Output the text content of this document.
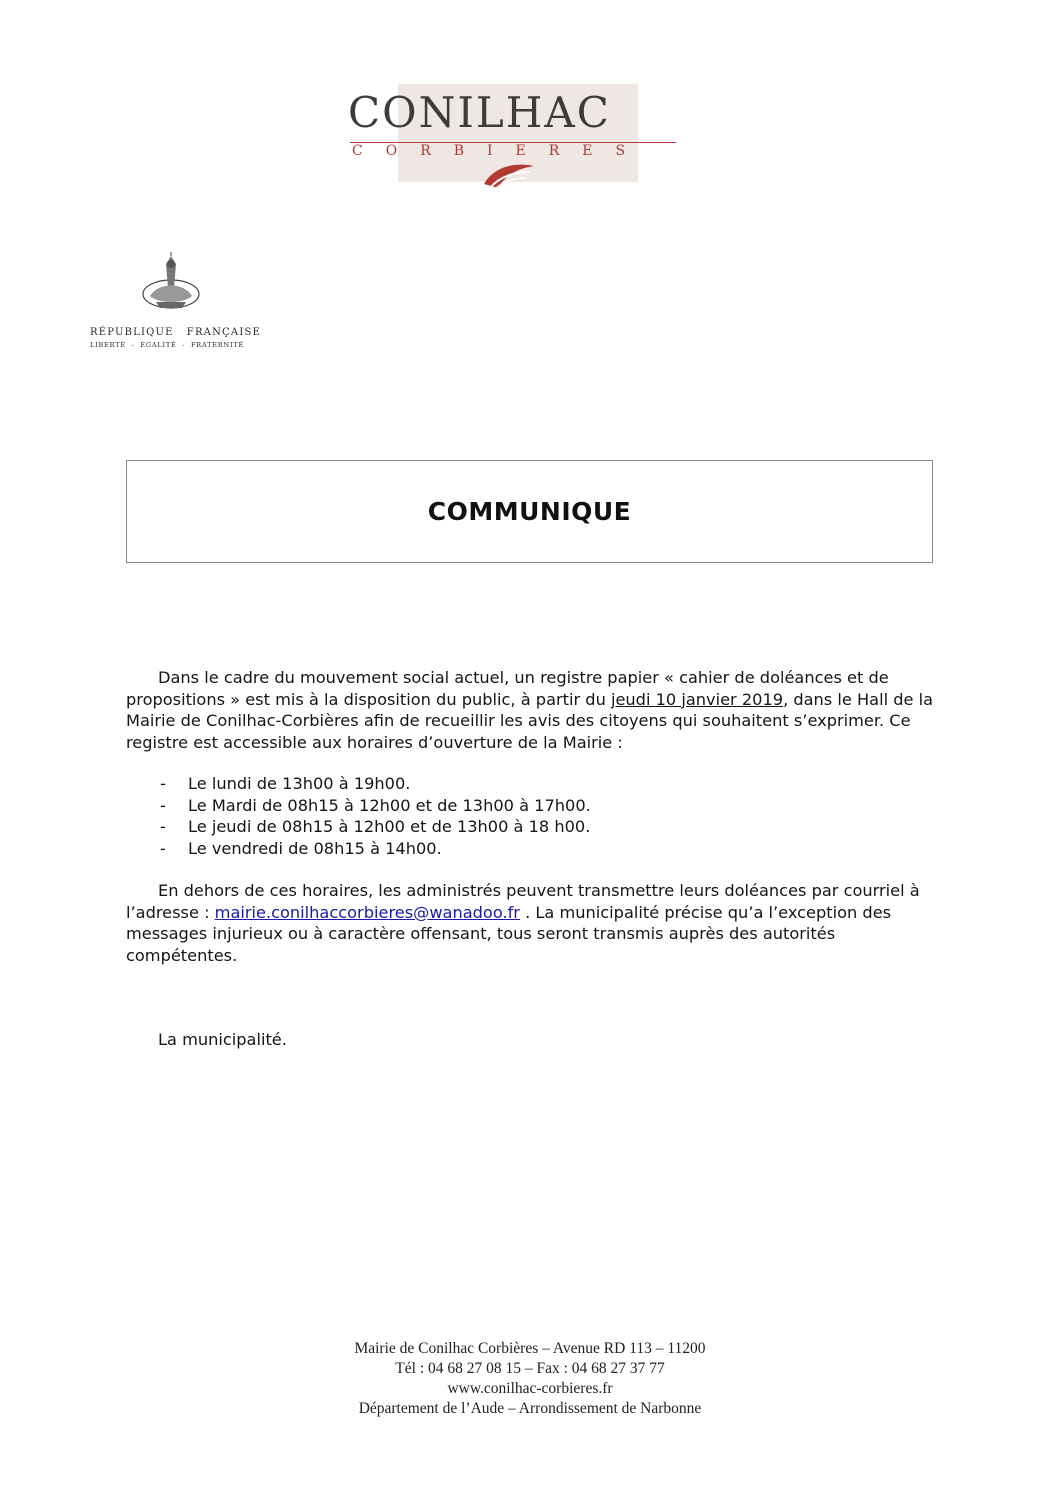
CONILHAC
CORBIERES
RÉPUBLIQUE   FRANÇAISE
LIBERTÉ  -  ÉGALITÉ  -  FRATERNITÉ
COMMUNIQUE
Dans le cadre du mouvement social actuel, un registre papier « cahier de doléances et de propositions » est mis à la disposition du public, à partir du jeudi 10 janvier 2019, dans le Hall de la Mairie de Conilhac-Corbières afin de recueillir les avis des citoyens qui souhaitent s’exprimer. Ce registre est accessible aux horaires d’ouverture de la Mairie :
- Le lundi de 13h00 à 19h00.
- Le Mardi de 08h15 à 12h00 et de 13h00 à 17h00.
- Le jeudi de 08h15 à 12h00 et de 13h00 à 18 h00.
- Le vendredi de 08h15 à 14h00.
En dehors de ces horaires, les administrés peuvent transmettre leurs doléances par courriel à l’adresse : mairie.conilhaccorbieres@wanadoo.fr . La municipalité précise qu’a l’exception des messages injurieux ou à caractère offensant, tous seront transmis auprès des autorités compétentes.
La municipalité.
Mairie de Conilhac Corbières – Avenue RD 113 – 11200
Tél : 04 68 27 08 15 – Fax : 04 68 27 37 77
www.conilhac-corbieres.fr
Département de l’Aude – Arrondissement de Narbonne
